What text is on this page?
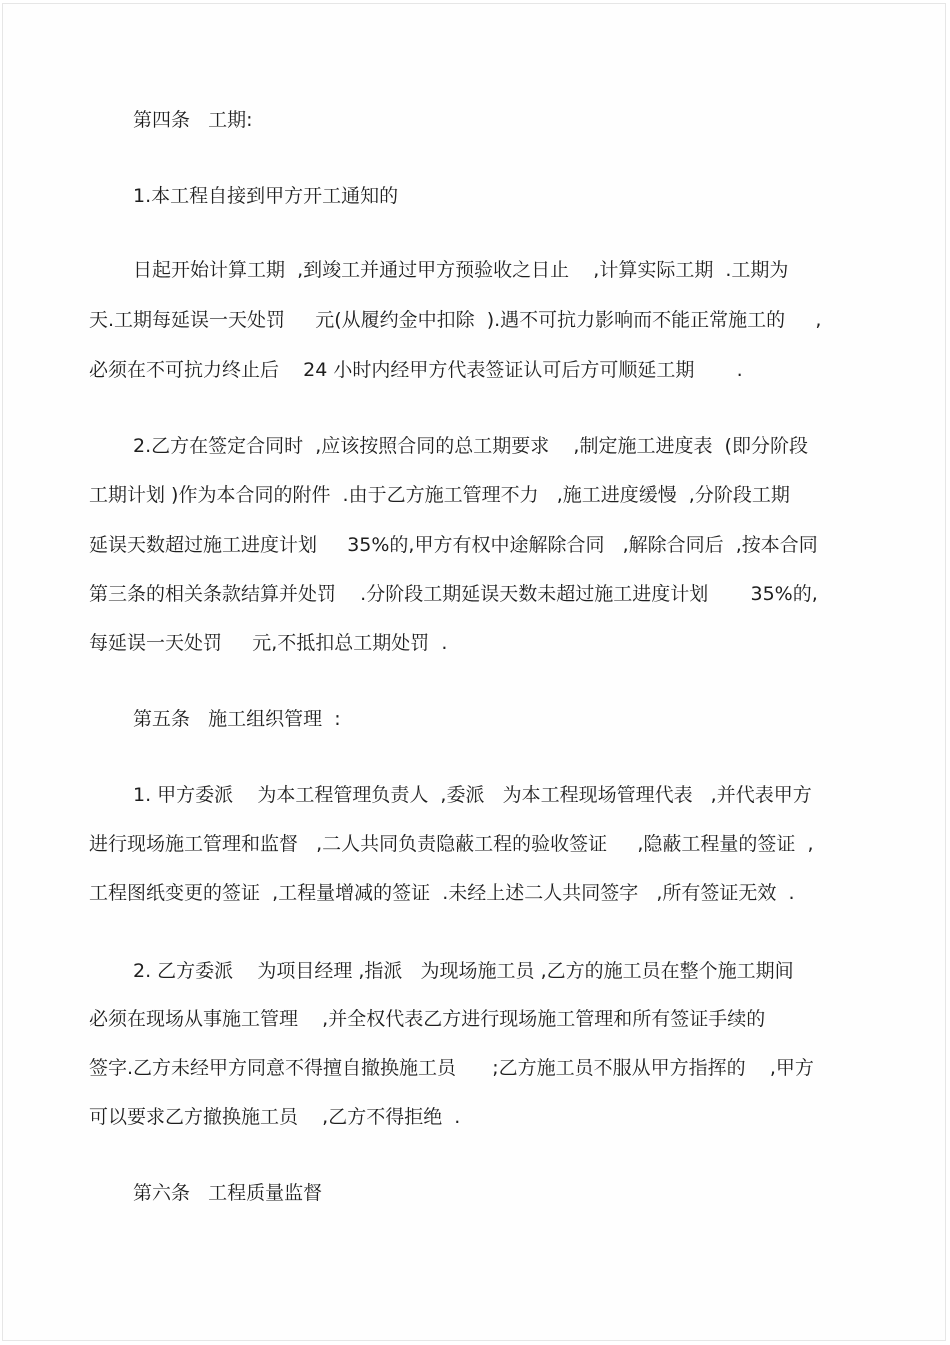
第四条   工期:
1.本工程自接到甲方开工通知的
日起开始计算工期  ,到竣工并通过甲方预验收之日止    ,计算实际工期  .工期为
天.工期每延误一天处罚     元(从履约金中扣除  ).遇不可抗力影响而不能正常施工的     ,
必须在不可抗力终止后    24 小时内经甲方代表签证认可后方可顺延工期       .
2.乙方在签定合同时  ,应该按照合同的总工期要求    ,制定施工进度表  (即分阶段
工期计划 )作为本合同的附件  .由于乙方施工管理不力   ,施工进度缓慢  ,分阶段工期
延误天数超过施工进度计划     35%的,甲方有权中途解除合同   ,解除合同后  ,按本合同
第三条的相关条款结算并处罚    .分阶段工期延误天数未超过施工进度计划       35%的,
每延误一天处罚     元,不抵扣总工期处罚  .
第五条   施工组织管理  :
1. 甲方委派    为本工程管理负责人  ,委派   为本工程现场管理代表   ,并代表甲方
进行现场施工管理和监督   ,二人共同负责隐蔽工程的验收签证     ,隐蔽工程量的签证  ,
工程图纸变更的签证  ,工程量增减的签证  .未经上述二人共同签字   ,所有签证无效  .
2. 乙方委派    为项目经理 ,指派   为现场施工员 ,乙方的施工员在整个施工期间
必须在现场从事施工管理    ,并全权代表乙方进行现场施工管理和所有签证手续的
签字.乙方未经甲方同意不得擅自撤换施工员      ;乙方施工员不服从甲方指挥的    ,甲方
可以要求乙方撤换施工员    ,乙方不得拒绝  .
第六条   工程质量监督
